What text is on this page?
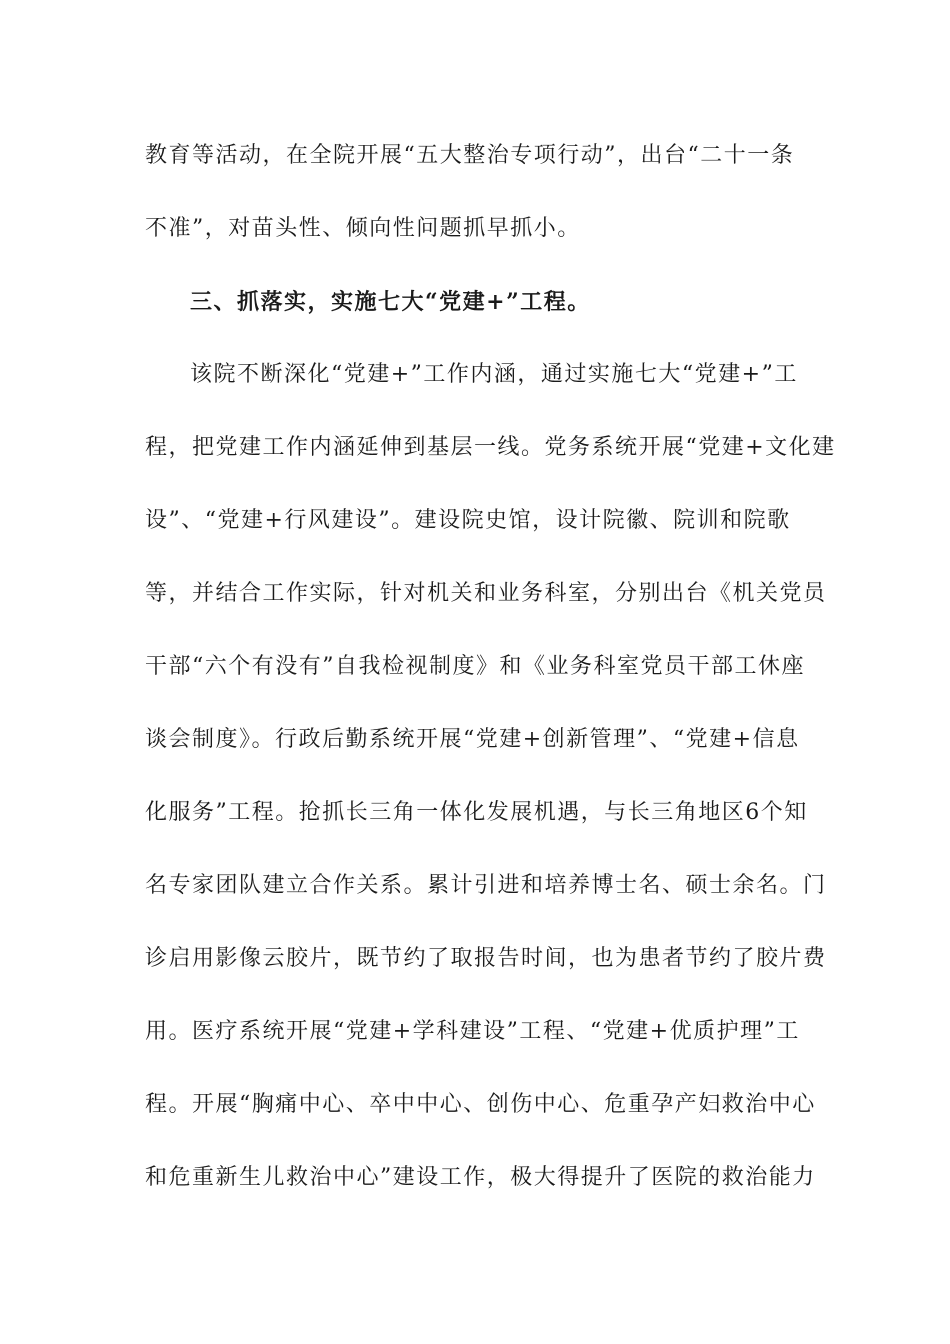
教育等活动，在全院开展“五大整治专项行动”，出台“二十一条
不准”，对苗头性、倾向性问题抓早抓小。
三、抓落实，实施七大“党建+”工程。
该院不断深化“党建+”工作内涵，通过实施七大“党建+”工
程，把党建工作内涵延伸到基层一线。党务系统开展“党建+文化建
设”、“党建+行风建设”。建设院史馆，设计院徽、院训和院歌
等，并结合工作实际，针对机关和业务科室，分别出台《机关党员
干部“六个有没有”自我检视制度》和《业务科室党员干部工休座
谈会制度》。行政后勤系统开展“党建+创新管理”、“党建+信息
化服务”工程。抢抓长三角一体化发展机遇，与长三角地区6个知
名专家团队建立合作关系。累计引进和培养博士名、硕士余名。门
诊启用影像云胶片，既节约了取报告时间，也为患者节约了胶片费
用。医疗系统开展“党建+学科建设”工程、“党建+优质护理”工
程。开展“胸痛中心、卒中中心、创伤中心、危重孕产妇救治中心
和危重新生儿救治中心”建设工作，极大得提升了医院的救治能力
